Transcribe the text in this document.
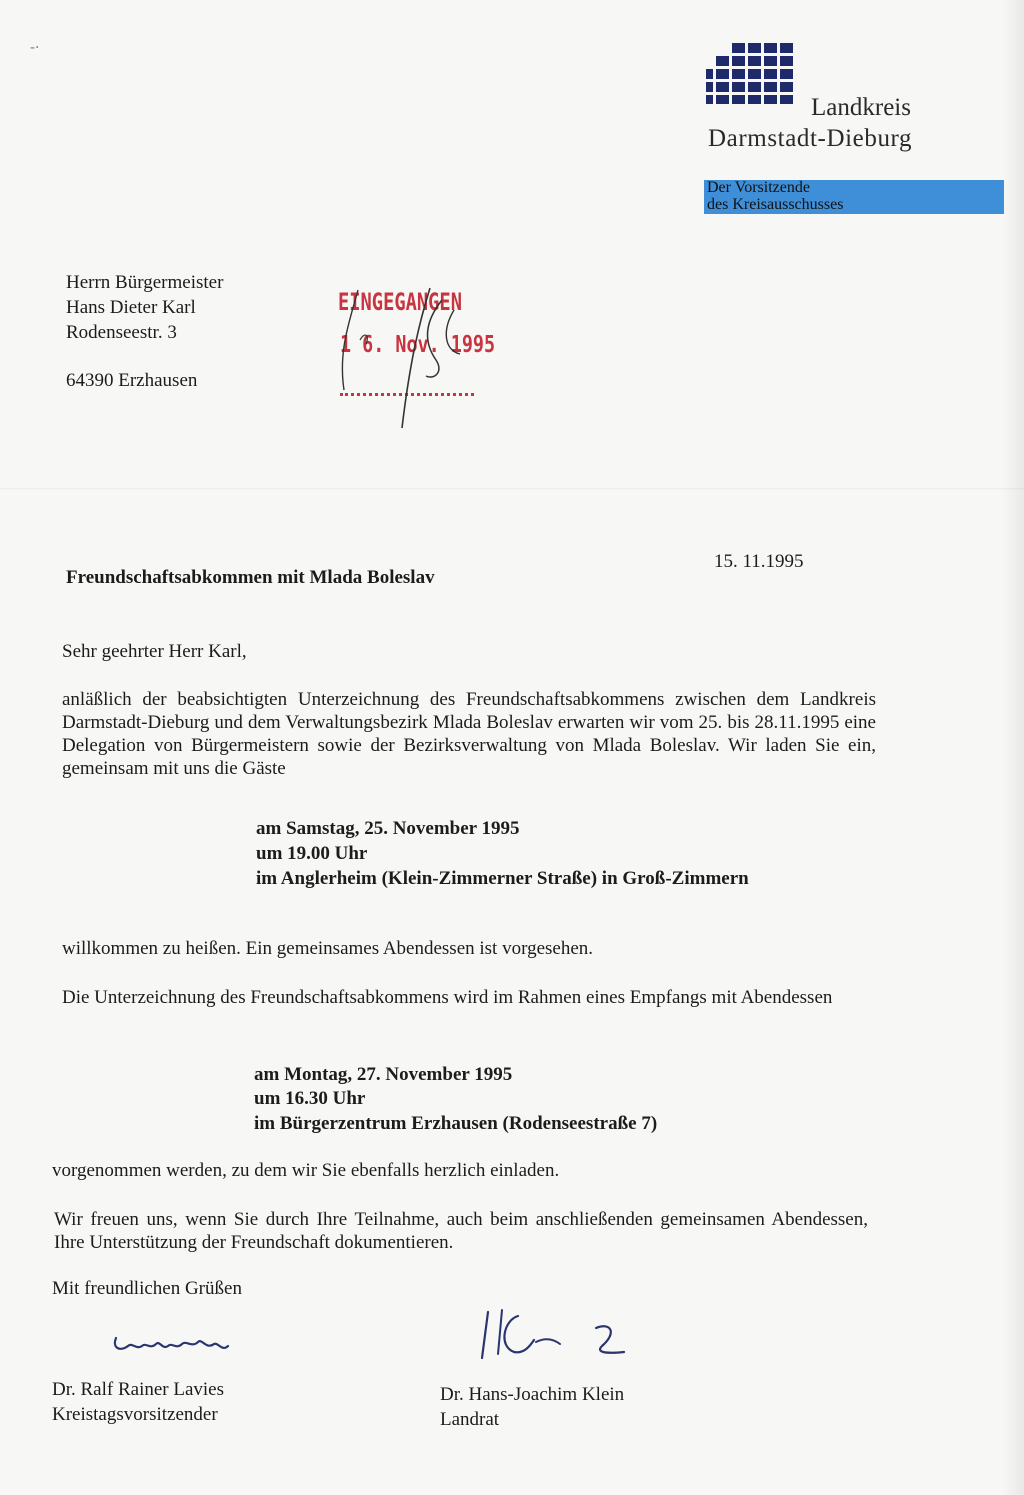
-·
Landkreis
Darmstadt-Dieburg
Der Vorsitzende
des Kreisausschusses
Herrn Bürgermeister
Hans Dieter Karl
Rodenseestr. 3
64390 Erzhausen
EINGEGANGEN
1 6. Nov. 1995
15. 11.1995
Freundschaftsabkommen mit Mlada Boleslav
Sehr geehrter Herr Karl,
anläßlich der beabsichtigten Unterzeichnung des Freundschaftsabkommens zwischen dem Landkreis Darmstadt-Dieburg und dem Verwaltungsbezirk Mlada Boleslav erwarten wir vom 25. bis 28.11.1995 eine Delegation von Bürgermeistern sowie der Bezirksverwaltung von Mlada Boleslav. Wir laden Sie ein, gemeinsam mit uns die Gäste
am Samstag, 25. November 1995
um 19.00 Uhr
im Anglerheim (Klein-Zimmerner Straße) in Groß-Zimmern
willkommen zu heißen. Ein gemeinsames Abendessen ist vorgesehen.
Die Unterzeichnung des Freundschaftsabkommens wird im Rahmen eines Empfangs mit Abendessen
am Montag, 27. November 1995
um 16.30 Uhr
im Bürgerzentrum Erzhausen (Rodenseestraße 7)
vorgenommen werden, zu dem wir Sie ebenfalls herzlich einladen.
Wir freuen uns, wenn Sie durch Ihre Teilnahme, auch beim anschließenden gemeinsamen Abendessen, Ihre Unterstützung der Freundschaft dokumentieren.
Mit freundlichen Grüßen
Dr. Ralf Rainer Lavies
Kreistagsvorsitzender
Dr. Hans-Joachim Klein
Landrat
